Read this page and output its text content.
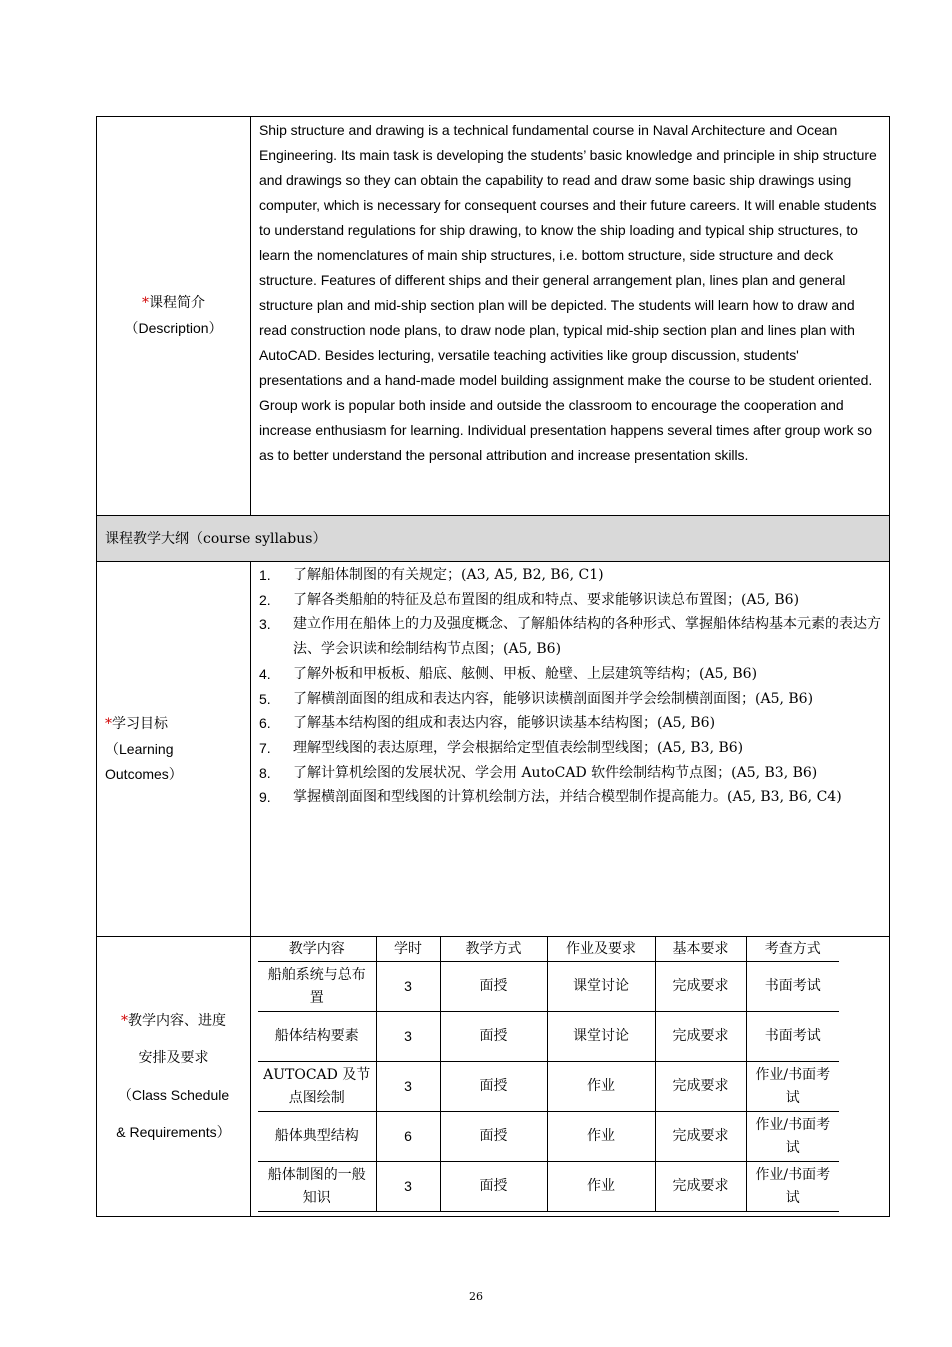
*课程简介
（Description）

Ship structure and drawing is a technical fundamental course in Naval Architecture and Ocean Engineering. Its main task is developing the students’ basic knowledge and principle in ship structure and drawings so they can obtain the capability to read and draw some basic ship drawings using computer, which is necessary for consequent courses and their future careers. It will enable students to understand regulations for ship drawing, to know the ship loading and typical ship structures, to learn the nomenclatures of main ship structures, i.e. bottom structure, side structure and deck structure. Features of different ships and their general arrangement plan, lines plan and general structure plan and mid-ship section plan will be depicted. The students will learn how to draw and read construction node plans, to draw node plan, typical mid-ship section plan and lines plan with AutoCAD. Besides lecturing, versatile teaching activities like group discussion, students' presentations and a hand-made model building assignment make the course to be student oriented. Group work is popular both inside and outside the classroom to encourage the cooperation and increase enthusiasm for learning. Individual presentation happens several times after group work so as to better understand the personal attribution and increase presentation skills.

课程教学大纲（course syllabus）
*学习目标
（Learning
Outcomes）
1.	了解船体制图的有关规定；(A3, A5, B2, B6, C1)
2.	了解各类船舶的特征及总布置图的组成和特点、要求能够识读总布置图；(A5, B6)
3.	建立作用在船体上的力及强度概念、了解船体结构的各种形式、掌握船体结构基本元素的表达方法、学会识读和绘制结构节点图；(A5, B6)
4.	了解外板和甲板板、船底、舷侧、甲板、舱壁、上层建筑等结构；(A5, B6)
5.	了解横剖面图的组成和表达内容，能够识读横剖面图并学会绘制横剖面图；(A5, B6)
6.	了解基本结构图的组成和表达内容，能够识读基本结构图；(A5, B6)
7.	理解型线图的表达原理，学会根据给定型值表绘制型线图；(A5, B3, B6)
8.	了解计算机绘图的发展状况、学会用 AutoCAD 软件绘制结构节点图；(A5, B3, B6)
9.	掌握横剖面图和型线图的计算机绘制方法，并结合模型制作提高能力。(A5, B3, B6, C4)
*教学内容、进度
安排及要求
（Class Schedule
& Requirements）
教学内容	学时	教学方式	作业及要求	基本要求	考查方式
船舶系统与总布置	3	面授	课堂讨论	完成要求	书面考试
船体结构要素	3	面授	课堂讨论	完成要求	书面考试
AUTOCAD 及节点图绘制	3	面授	作业	完成要求	作业/书面考试
船体典型结构	6	面授	作业	完成要求	作业/书面考试
船体制图的一般知识	3	面授	作业	完成要求	作业/书面考试
26
